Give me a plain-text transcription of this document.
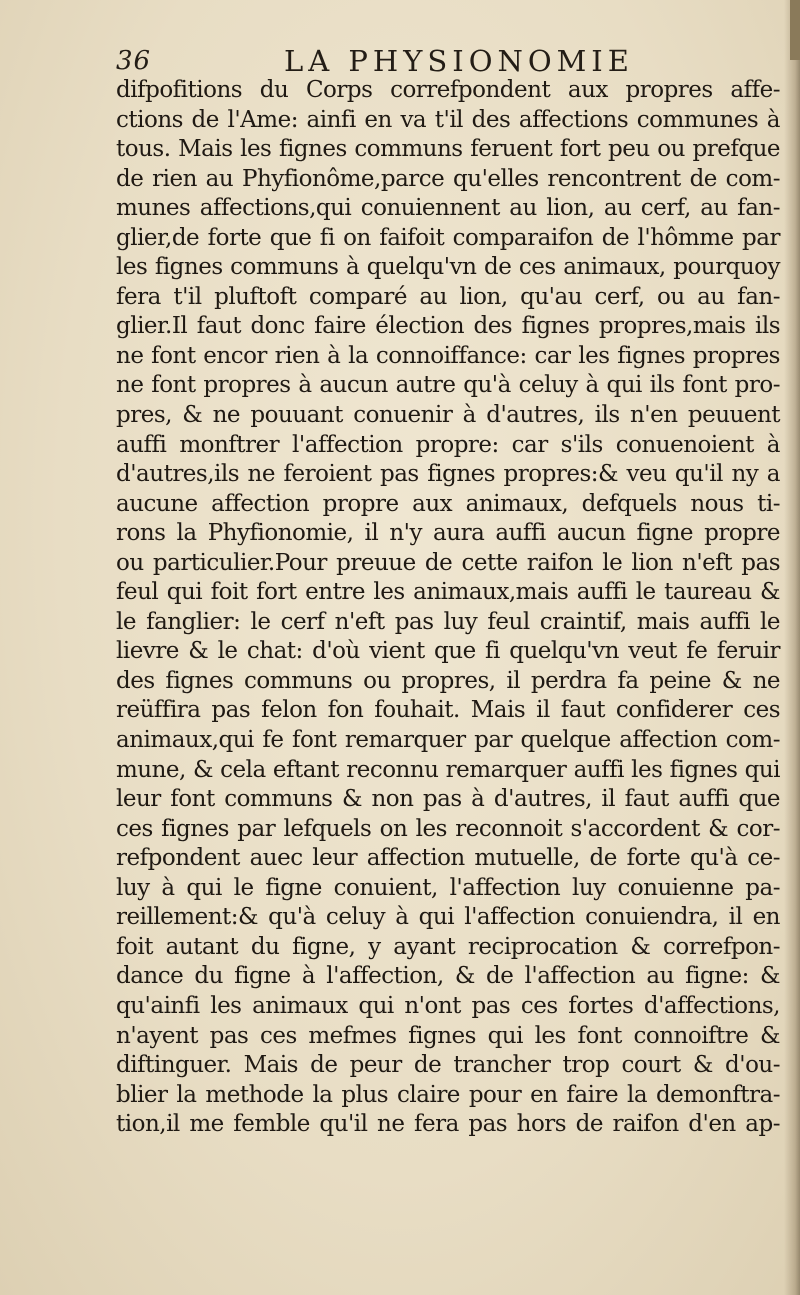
36	LA PHYSIONOMIE
difpofitions du Corps correfpondent aux propres affe-
ctions de l'Ame: ainfi en va t'il des affections communes à
tous. Mais les fignes communs feruent fort peu ou prefque
de rien au Phyfionôme,parce qu'elles rencontrent de com-
munes affections,qui conuiennent au lion, au cerf, au fan-
glier,de forte que fi on faifoit comparaifon de l'hômme par
les fignes communs à quelqu'vn de ces animaux, pourquoy
fera t'il pluftoft comparé au lion, qu'au cerf, ou au fan-
glier.Il faut donc faire élection des fignes propres,mais ils
ne font encor rien à la connoiffance: car les fignes propres
ne font propres à aucun autre qu'à celuy à qui ils font pro-
pres, & ne pouuant conuenir à d'autres, ils n'en peuuent
auffi monftrer l'affection propre: car s'ils conuenoient à
d'autres,ils ne feroient pas fignes propres:& veu qu'il ny a
aucune affection propre aux animaux, defquels nous ti-
rons la Phyfionomie, il n'y aura auffi aucun figne propre
ou particulier.Pour preuue de cette raifon le lion n'eft pas
feul qui foit fort entre les animaux,mais auffi le taureau &
le fanglier: le cerf n'eft pas luy feul craintif, mais auffi le
lievre & le chat: d'où vient que fi quelqu'vn veut fe feruir
des fignes communs ou propres, il perdra fa peine & ne
reüffira pas felon fon fouhait. Mais il faut confiderer ces
animaux,qui fe font remarquer par quelque affection com-
mune, & cela eftant reconnu remarquer auffi les fignes qui
leur font communs & non pas à d'autres, il faut auffi que
ces fignes par lefquels on les reconnoit s'accordent & cor-
refpondent auec leur affection mutuelle, de forte qu'à ce-
luy à qui le figne conuient, l'affection luy conuienne pa-
reillement:& qu'à celuy à qui l'affection conuiendra, il en
foit autant du figne, y ayant reciprocation & correfpon-
dance du figne à l'affection, & de l'affection au figne: &
qu'ainfi les animaux qui n'ont pas ces fortes d'affections,
n'ayent pas ces mefmes fignes qui les font connoiftre &
diftinguer. Mais de peur de trancher trop court & d'ou-
blier la methode la plus claire pour en faire la demonftra-
tion,il me femble qu'il ne fera pas hors de raifon d'en ap-
